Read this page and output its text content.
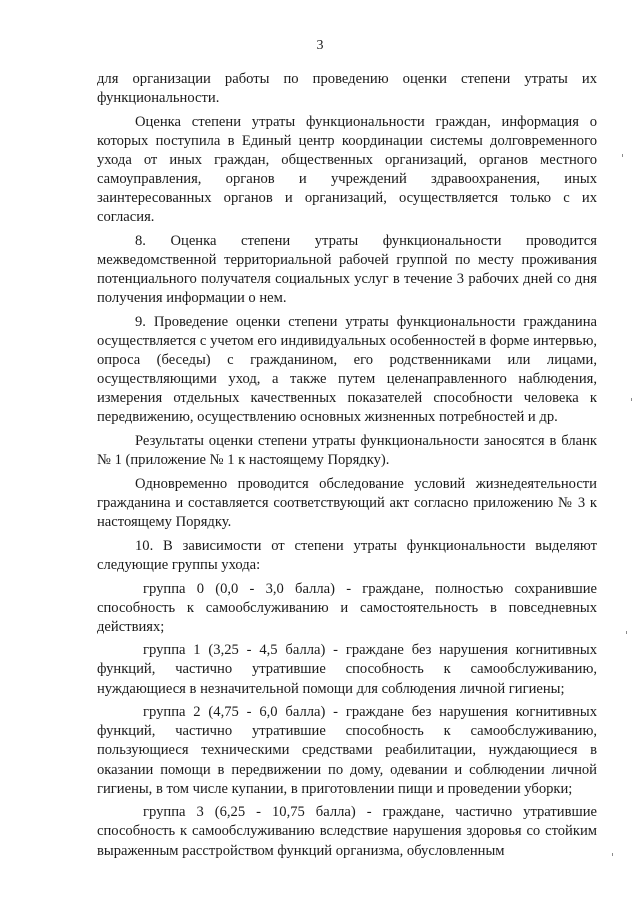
3

для организации работы по проведению оценки степени утраты их функциональности.

Оценка степени утраты функциональности граждан, информация о которых поступила в Единый центр координации системы долговременного ухода от иных граждан, общественных организаций, органов местного самоуправления, органов и учреждений здравоохранения, иных заинтересованных органов и организаций, осуществляется только с их согласия.

8. Оценка степени утраты функциональности проводится межведомственной территориальной рабочей группой по месту проживания потенциального получателя социальных услуг в течение 3 рабочих дней со дня получения информации о нем.

9. Проведение оценки степени утраты функциональности гражданина осуществляется с учетом его индивидуальных особенностей в форме интервью, опроса (беседы) с гражданином, его родственниками или лицами, осуществляющими уход, а также путем целенаправленного наблюдения, измерения отдельных качественных показателей способности человека к передвижению, осуществлению основных жизненных потребностей и др.

Результаты оценки степени утраты функциональности заносятся в бланк № 1 (приложение № 1 к настоящему Порядку).

Одновременно проводится обследование условий жизнедеятельности гражданина и составляется соответствующий акт согласно приложению № 3 к настоящему Порядку.

10. В зависимости от степени утраты функциональности выделяют следующие группы ухода:

группа 0 (0,0 - 3,0 балла) - граждане, полностью сохранившие способность к самообслуживанию и самостоятельность в повседневных действиях;

группа 1 (3,25 - 4,5 балла) - граждане без нарушения когнитивных функций, частично утратившие способность к самообслуживанию, нуждающиеся в незначительной помощи для соблюдения личной гигиены;

группа 2 (4,75 - 6,0 балла) - граждане без нарушения когнитивных функций, частично утратившие способность к самообслуживанию, пользующиеся техническими средствами реабилитации, нуждающиеся в оказании помощи в передвижении по дому, одевании и соблюдении личной гигиены, в том числе купании, в приготовлении пищи и проведении уборки;

группа 3 (6,25 - 10,75 балла) - граждане, частично утратившие способность к самообслуживанию вследствие нарушения здоровья со стойким выраженным расстройством функций организма, обусловленным
